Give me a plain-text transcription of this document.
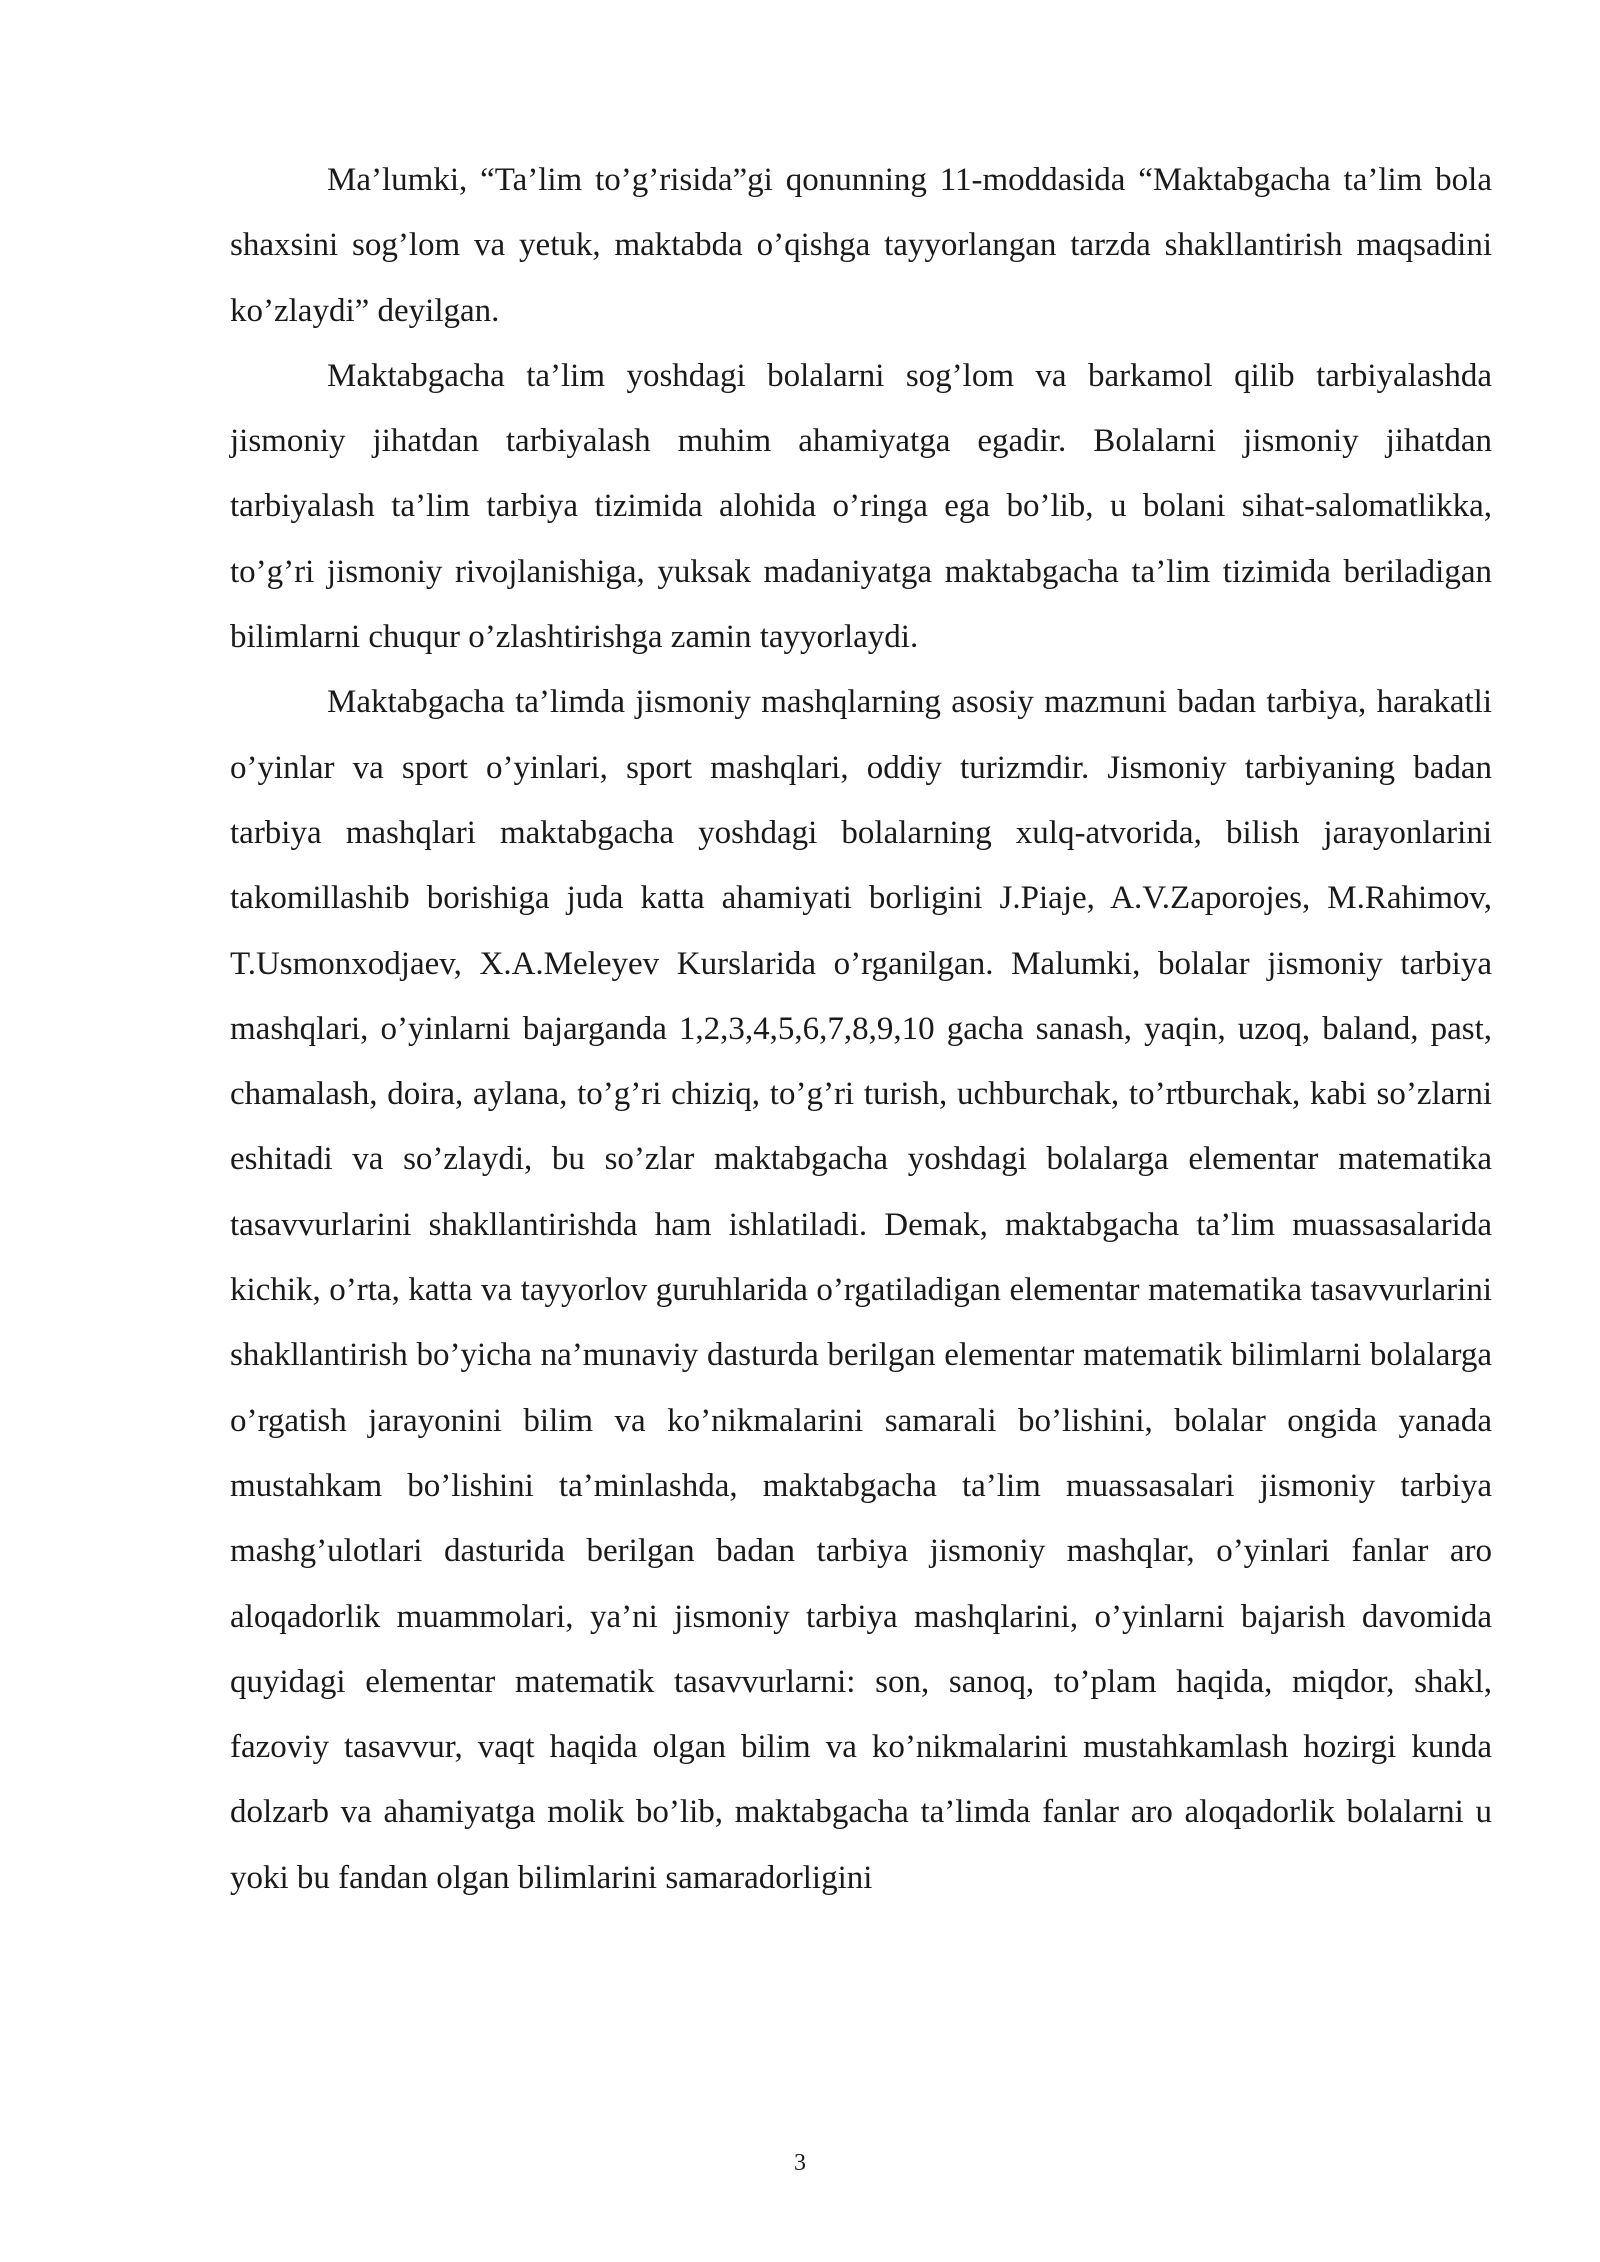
Ma’lumki, “Ta’lim to’g’risida”gi qonunning 11-moddasida “Maktabgacha ta’lim bola shaxsini sog’lom va yetuk, maktabda o’qishga tayyorlangan tarzda shakllantirish maqsadini ko’zlaydi” deyilgan.

Maktabgacha ta’lim yoshdagi bolalarni sog’lom va barkamol qilib tarbiyalashda jismoniy jihatdan tarbiyalash muhim ahamiyatga egadir. Bolalarni jismoniy jihatdan tarbiyalash ta’lim tarbiya tizimida alohida o’ringa ega bo’lib, u bolani sihat-salomatlikka, to’g’ri jismoniy rivojlanishiga, yuksak madaniyatga maktabgacha ta’lim tizimida beriladigan bilimlarni chuqur o’zlashtirishga zamin tayyorlaydi.

Maktabgacha ta’limda jismoniy mashqlarning asosiy mazmuni badan tarbiya, harakatli o’yinlar va sport o’yinlari, sport mashqlari, oddiy turizmdir. Jismoniy tarbiyaning badan tarbiya mashqlari maktabgacha yoshdagi bolalarning xulq-atvorida, bilish jarayonlarini takomillashib borishiga juda katta ahamiyati borligini J.Piaje, A.V.Zaporojes, M.Rahimov, T.Usmonxodjaev, X.A.Meleyev Kurslarida o’rganilgan. Malumki, bolalar jismoniy tarbiya mashqlari, o’yinlarni bajarganda 1,2,3,4,5,6,7,8,9,10 gacha sanash, yaqin, uzoq, baland, past, chamalash, doira, aylana, to’g’ri chiziq, to’g’ri turish, uchburchak, to’rtburchak, kabi so’zlarni eshitadi va so’zlaydi, bu so’zlar maktabgacha yoshdagi bolalarga elementar matematika tasavvurlarini shakllantirishda ham ishlatiladi. Demak, maktabgacha ta’lim muassasalarida kichik, o’rta, katta va tayyorlov guruhlarida o’rgatiladigan elementar matematika tasavvurlarini shakllantirish bo’yicha na’munaviy dasturda berilgan elementar matematik bilimlarni bolalarga o’rgatish jarayonini bilim va ko’nikmalarini samarali bo’lishini, bolalar ongida yanada mustahkam bo’lishini ta’minlashda, maktabgacha ta’lim muassasalari jismoniy tarbiya mashg’ulotlari dasturida berilgan badan tarbiya jismoniy mashqlar, o’yinlari fanlar aro aloqadorlik muammolari, ya’ni jismoniy tarbiya mashqlarini, o’yinlarni bajarish davomida quyidagi elementar matematik tasavvurlarni: son, sanoq, to’plam haqida, miqdor, shakl, fazoviy tasavvur, vaqt haqida olgan bilim va ko’nikmalarini mustahkamlash hozirgi kunda dolzarb va ahamiyatga molik bo’lib, maktabgacha ta’limda fanlar aro aloqadorlik bolalarni u yoki bu fandan olgan bilimlarini samaradorligini

3
